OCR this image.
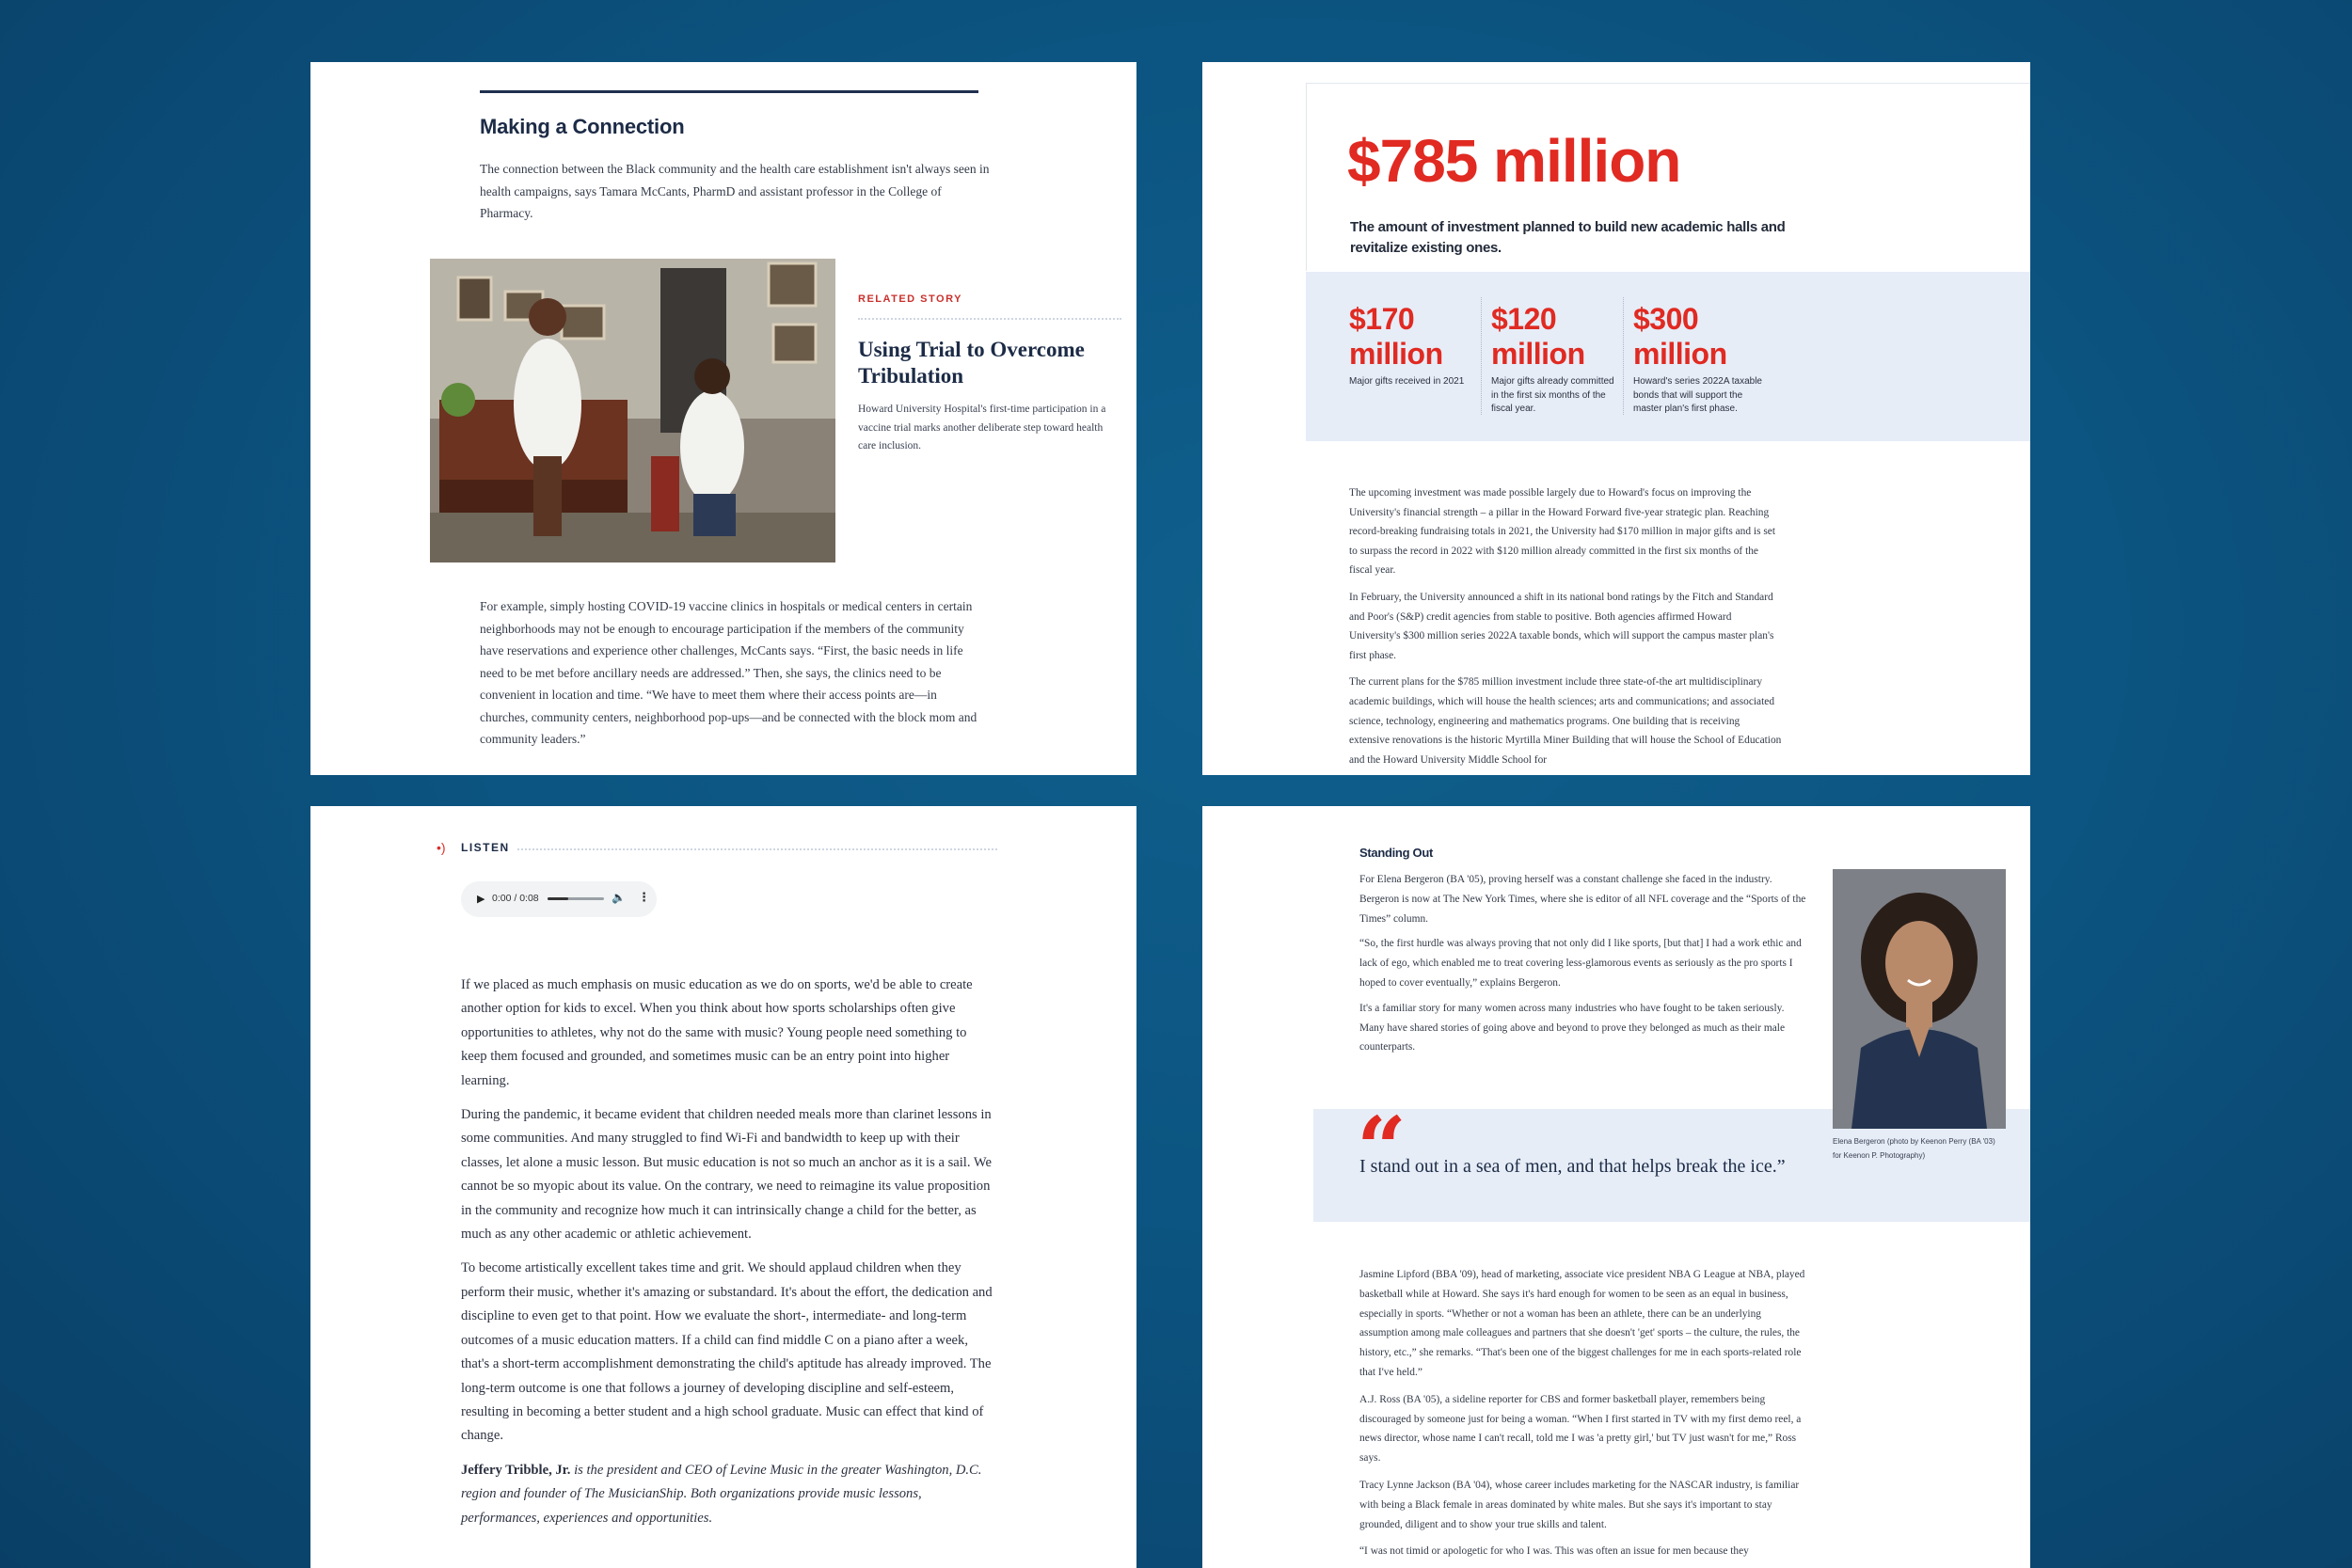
Making a Connection
The connection between the Black community and the health care establishment isn't always seen in health campaigns, says Tamara McCants, PharmD and assistant professor in the College of Pharmacy.
RELATED STORY
Using Trial to Overcome Tribulation
Howard University Hospital's first-time participation in a vaccine trial marks another deliberate step toward health care inclusion.
For example, simply hosting COVID-19 vaccine clinics in hospitals or medical centers in certain neighborhoods may not be enough to encourage participation if the members of the community have reservations and experience other challenges, McCants says. “First, the basic needs in life need to be met before ancillary needs are addressed.” Then, she says, the clinics need to be convenient in location and time. “We have to meet them where their access points are—in churches, community centers, neighborhood pop-ups—and be connected with the block mom and community leaders.”
$785 million
The amount of investment planned to build new academic halls and revitalize existing ones.
$170 million
Major gifts received in 2021
$120 million
Major gifts already committed in the first six months of the fiscal year.
$300 million
Howard's series 2022A taxable bonds that will support the master plan's first phase.

The upcoming investment was made possible largely due to Howard's focus on improving the University's financial strength – a pillar in the Howard Forward five-year strategic plan. Reaching record-breaking fundraising totals in 2021, the University had $170 million in major gifts and is set to surpass the record in 2022 with $120 million already committed in the first six months of the fiscal year.

In February, the University announced a shift in its national bond ratings by the Fitch and Standard and Poor's (S&P) credit agencies from stable to positive. Both agencies affirmed Howard University's $300 million series 2022A taxable bonds, which will support the campus master plan's first phase.

The current plans for the $785 million investment include three state-of-the art multidisciplinary academic buildings, which will house the health sciences; arts and communications; and associated science, technology, engineering and mathematics programs. One building that is receiving extensive renovations is the historic Myrtilla Miner Building that will house the School of Education and the Howard University Middle School for

•) LISTEN
▶ 0:00 / 0:08	🔈 ⋮

If we placed as much emphasis on music education as we do on sports, we'd be able to create another option for kids to excel. When you think about how sports scholarships often give opportunities to athletes, why not do the same with music? Young people need something to keep them focused and grounded, and sometimes music can be an entry point into higher learning.

During the pandemic, it became evident that children needed meals more than clarinet lessons in some communities. And many struggled to find Wi-Fi and bandwidth to keep up with their classes, let alone a music lesson. But music education is not so much an anchor as it is a sail. We cannot be so myopic about its value. On the contrary, we need to reimagine its value proposition in the community and recognize how much it can intrinsically change a child for the better, as much as any other academic or athletic achievement.

To become artistically excellent takes time and grit. We should applaud children when they perform their music, whether it's amazing or substandard. It's about the effort, the dedication and discipline to even get to that point. How we evaluate the short-, intermediate- and long-term outcomes of a music education matters. If a child can find middle C on a piano after a week, that's a short-term accomplishment demonstrating the child's aptitude has already improved. The long-term outcome is one that follows a journey of developing discipline and self-esteem, resulting in becoming a better student and a high school graduate. Music can effect that kind of change.

Jeffery Tribble, Jr. is the president and CEO of Levine Music in the greater Washington, D.C. region and founder of The MusicianShip. Both organizations provide music lessons, performances, experiences and opportunities.

Standing Out

For Elena Bergeron (BA '05), proving herself was a constant challenge she faced in the industry. Bergeron is now at The New York Times, where she is editor of all NFL coverage and the “Sports of the Times” column.

“So, the first hurdle was always proving that not only did I like sports, [but that] I had a work ethic and lack of ego, which enabled me to treat covering less-glamorous events as seriously as the pro sports I hoped to cover eventually,” explains Bergeron.

It's a familiar story for many women across many industries who have fought to be taken seriously. Many have shared stories of going above and beyond to prove they belonged as much as their male counterparts.

Elena Bergeron (photo by Keenon Perry (BA '03) for Keenon P. Photography)
“
I stand out in a sea of men, and that helps break the ice.”

Jasmine Lipford (BBA '09), head of marketing, associate vice president NBA G League at NBA, played basketball while at Howard. She says it's hard enough for women to be seen as an equal in business, especially in sports. “Whether or not a woman has been an athlete, there can be an underlying assumption among male colleagues and partners that she doesn't 'get' sports – the culture, the rules, the history, etc.,” she remarks. “That's been one of the biggest challenges for me in each sports-related role that I've held.”

A.J. Ross (BA '05), a sideline reporter for CBS and former basketball player, remembers being discouraged by someone just for being a woman. “When I first started in TV with my first demo reel, a news director, whose name I can't recall, told me I was 'a pretty girl,' but TV just wasn't for me,” Ross says.

Tracy Lynne Jackson (BA '04), whose career includes marketing for the NASCAR industry, is familiar with being a Black female in areas dominated by white males. But she says it's important to stay grounded, diligent and to show your true skills and talent.

“I was not timid or apologetic for who I was. This was often an issue for men because they
